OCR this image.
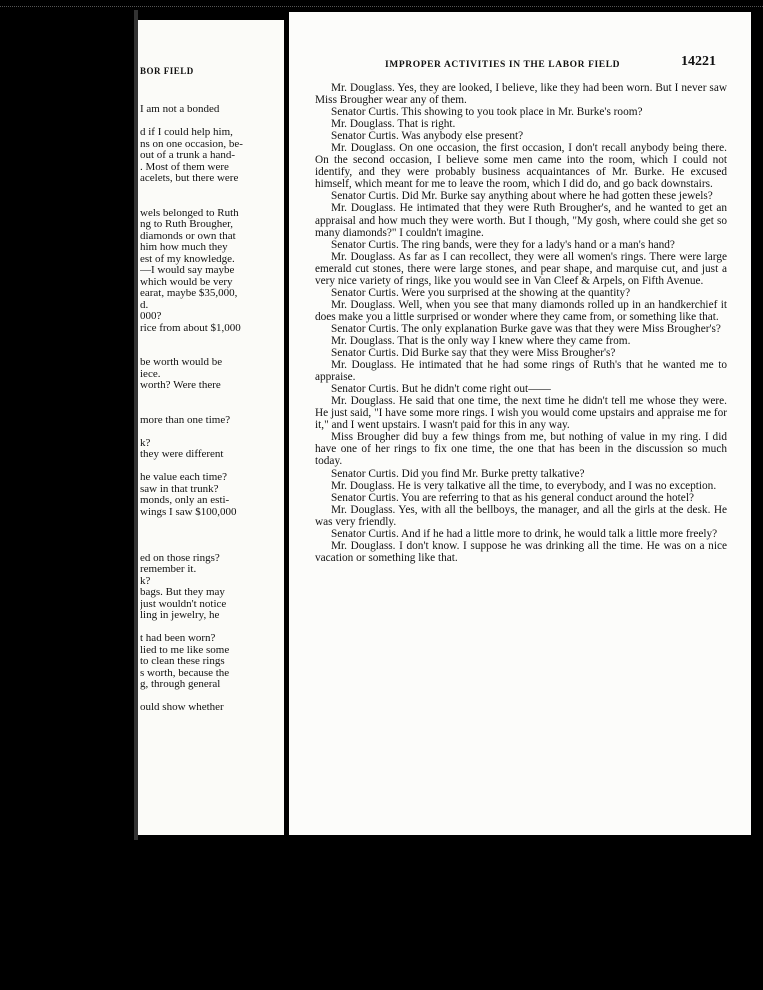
BOR FIELD
I am not a bonded
d if I could help him,
ns on one occasion, be-
out of a trunk a hand-
. Most of them were
acelets, but there were
wels belonged to Ruth
ng to Ruth Brougher,
diamonds or own that
him how much they
est of my knowledge.
—I would say maybe
which would be very
earat, maybe $35,000,
d.
000?
rice from about $1,000
be worth would be
iece.
worth? Were there
more than one time?
k?
they were different
he value each time?
saw in that trunk?
monds, only an esti-
wings I saw $100,000
ed on those rings?
remember it.
k?
bags. But they may
just wouldn't notice
ling in jewelry, he
t had been worn?
lied to me like some
to clean these rings
s worth, because the
g, through general
ould show whether
IMPROPER ACTIVITIES IN THE LABOR FIELD	14221

Mr. Douglass. Yes, they are looked, I believe, like they had been worn. But I never saw Miss Brougher wear any of them.

Senator Curtis. This showing to you took place in Mr. Burke's room?

Mr. Douglass. That is right.

Senator Curtis. Was anybody else present?

Mr. Douglass. On one occasion, the first occasion, I don't recall anybody being there. On the second occasion, I believe some men came into the room, which I could not identify, and they were probably business acquaintances of Mr. Burke. He excused himself, which meant for me to leave the room, which I did do, and go back downstairs.

Senator Curtis. Did Mr. Burke say anything about where he had gotten these jewels?

Mr. Douglass. He intimated that they were Ruth Brougher's, and he wanted to get an appraisal and how much they were worth. But I though, "My gosh, where could she get so many diamonds?" I couldn't imagine.

Senator Curtis. The ring bands, were they for a lady's hand or a man's hand?

Mr. Douglass. As far as I can recollect, they were all women's rings. There were large emerald cut stones, there were large stones, and pear shape, and marquise cut, and just a very nice variety of rings, like you would see in Van Cleef & Arpels, on Fifth Avenue.

Senator Curtis. Were you surprised at the showing at the quantity?

Mr. Douglass. Well, when you see that many diamonds rolled up in an handkerchief it does make you a little surprised or wonder where they came from, or something like that.

Senator Curtis. The only explanation Burke gave was that they were Miss Brougher's?

Mr. Douglass. That is the only way I knew where they came from.

Senator Curtis. Did Burke say that they were Miss Brougher's?

Mr. Douglass. He intimated that he had some rings of Ruth's that he wanted me to appraise.

Senator Curtis. But he didn't come right out——

Mr. Douglass. He said that one time, the next time he didn't tell me whose they were. He just said, "I have some more rings. I wish you would come upstairs and appraise me for it," and I went upstairs. I wasn't paid for this in any way.

Miss Brougher did buy a few things from me, but nothing of value in my ring. I did have one of her rings to fix one time, the one that has been in the discussion so much today.

Senator Curtis. Did you find Mr. Burke pretty talkative?

Mr. Douglass. He is very talkative all the time, to everybody, and I was no exception.

Senator Curtis. You are referring to that as his general conduct around the hotel?

Mr. Douglass. Yes, with all the bellboys, the manager, and all the girls at the desk. He was very friendly.

Senator Curtis. And if he had a little more to drink, he would talk a little more freely?

Mr. Douglass. I don't know. I suppose he was drinking all the time. He was on a nice vacation or something like that.
